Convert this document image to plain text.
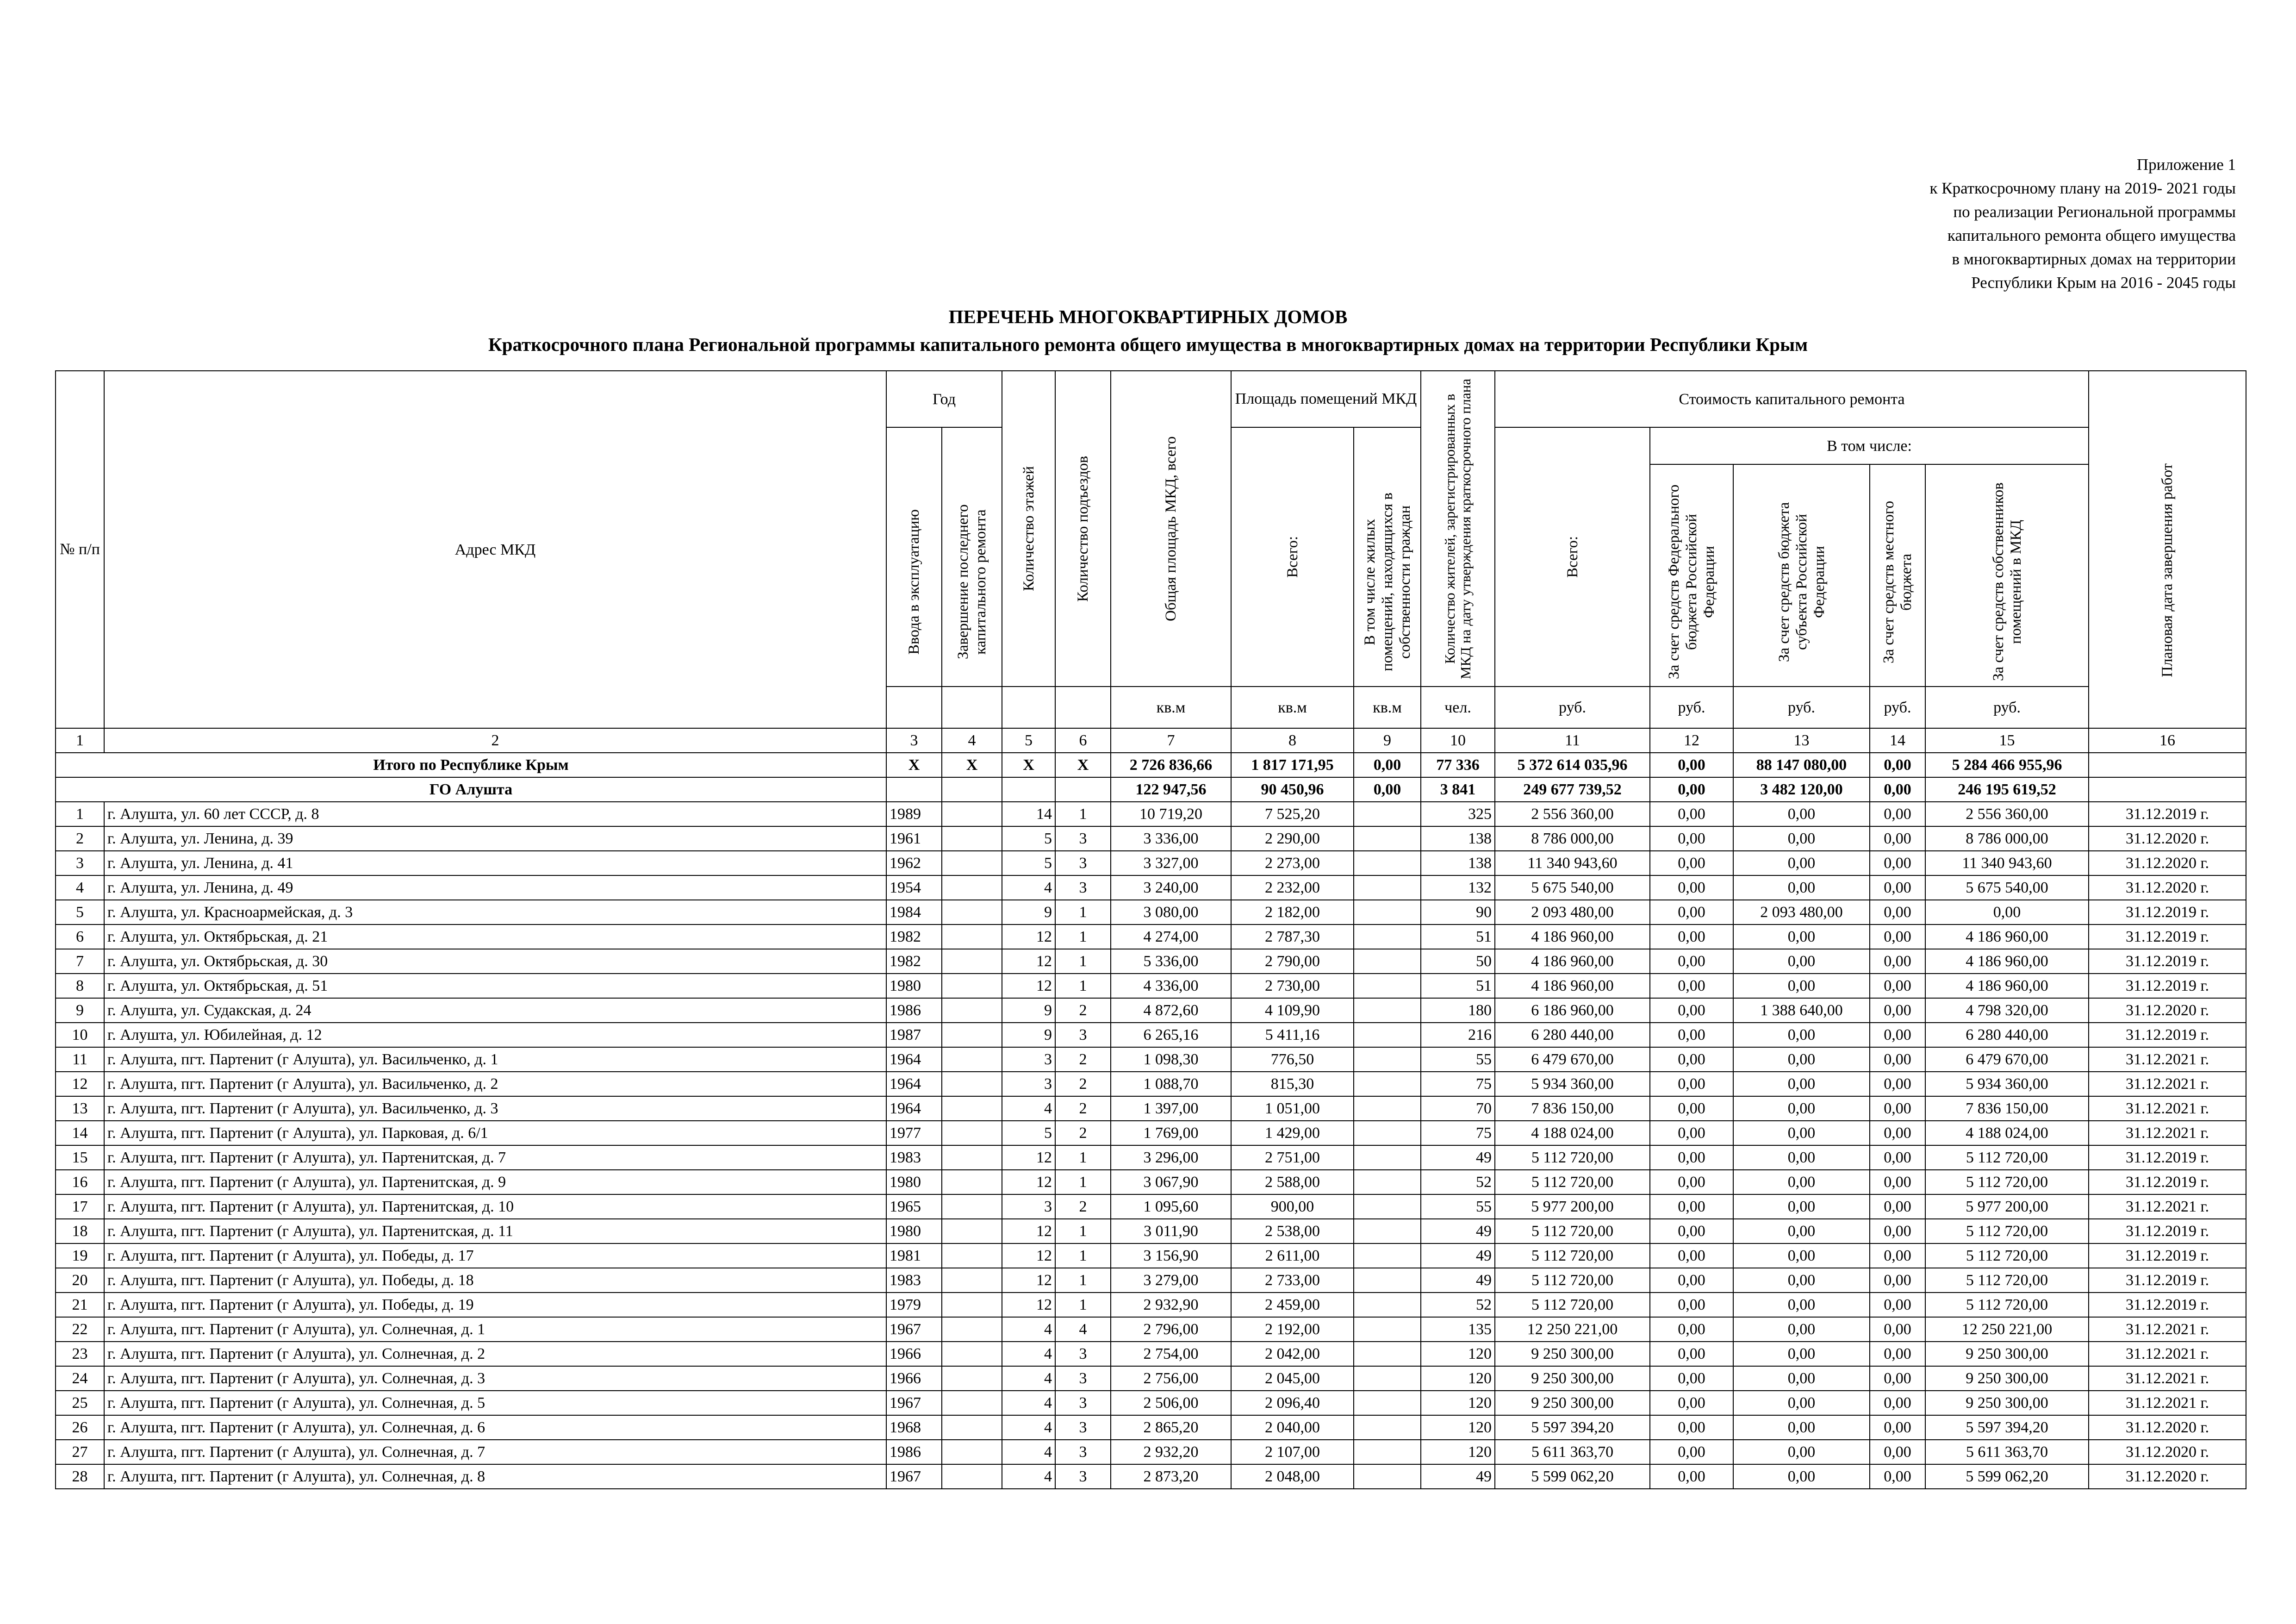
Приложение 1
к Краткосрочному плану на 2019- 2021 годы
по реализации Региональной программы
капитального ремонта общего имущества
в многоквартирных домах на территории
Республики Крым на 2016 - 2045 годы
ПЕРЕЧЕНЬ МНОГОКВАРТИРНЫХ ДОМОВ
Краткосрочного плана Региональной программы капитального ремонта общего имущества в многоквартирных домах на территории Республики Крым
№ п/п	Адрес МКД	Год		Количество этажей	Количество подъездов	Общая площадь МКД, всего	Площадь помещений МКД		Количество жителей, зарегистрированных в МКД на дату утверждения краткосрочного плана	Стоимость капитального ремонта					Плановая дата завершения работ

		Ввода в эксплуатацию	Завершение последнего капитального ремонта				Всего:	В том числе жилых помещений, находящихся в собственности граждан		Всего:	В том числе:				

											За счет средств Федерального бюджета Российской Федерации	За счет средств бюджета субъекта Российской Федерации	За счет средств местного бюджета	За счет средств собственников помещений в МКД	

						кв.м	кв.м	кв.м	чел.	руб.	руб.	руб.	руб.	руб.	
1	2	3	4	5	6	7	8	9	10	11	12	13	14	15	16
Итого по Республике Крым		X	X	X	X	2 726 836,66	1 817 171,95	0,00	77 336	5 372 614 035,96	0,00	88 147 080,00	0,00	5 284 466 955,96	
ГО Алушта						122 947,56	90 450,96	0,00	3 841	249 677 739,52	0,00	3 482 120,00	0,00	246 195 619,52	
1	г. Алушта, ул. 60 лет СССР, д. 8	1989		14	1	10 719,20	7 525,20		325	2 556 360,00	0,00	0,00	0,00	2 556 360,00	31.12.2019 г.
2	г. Алушта, ул. Ленина, д. 39	1961		5	3	3 336,00	2 290,00		138	8 786 000,00	0,00	0,00	0,00	8 786 000,00	31.12.2020 г.
3	г. Алушта, ул. Ленина, д. 41	1962		5	3	3 327,00	2 273,00		138	11 340 943,60	0,00	0,00	0,00	11 340 943,60	31.12.2020 г.
4	г. Алушта, ул. Ленина, д. 49	1954		4	3	3 240,00	2 232,00		132	5 675 540,00	0,00	0,00	0,00	5 675 540,00	31.12.2020 г.
5	г. Алушта, ул. Красноармейская, д. 3	1984		9	1	3 080,00	2 182,00		90	2 093 480,00	0,00	2 093 480,00	0,00	0,00	31.12.2019 г.
6	г. Алушта, ул. Октябрьская, д. 21	1982		12	1	4 274,00	2 787,30		51	4 186 960,00	0,00	0,00	0,00	4 186 960,00	31.12.2019 г.
7	г. Алушта, ул. Октябрьская, д. 30	1982		12	1	5 336,00	2 790,00		50	4 186 960,00	0,00	0,00	0,00	4 186 960,00	31.12.2019 г.
8	г. Алушта, ул. Октябрьская, д. 51	1980		12	1	4 336,00	2 730,00		51	4 186 960,00	0,00	0,00	0,00	4 186 960,00	31.12.2019 г.
9	г. Алушта, ул. Судакская, д. 24	1986		9	2	4 872,60	4 109,90		180	6 186 960,00	0,00	1 388 640,00	0,00	4 798 320,00	31.12.2020 г.
10	г. Алушта, ул. Юбилейная, д. 12	1987		9	3	6 265,16	5 411,16		216	6 280 440,00	0,00	0,00	0,00	6 280 440,00	31.12.2019 г.
11	г. Алушта, пгт. Партенит (г Алушта), ул. Васильченко, д. 1	1964		3	2	1 098,30	776,50		55	6 479 670,00	0,00	0,00	0,00	6 479 670,00	31.12.2021 г.
12	г. Алушта, пгт. Партенит (г Алушта), ул. Васильченко, д. 2	1964		3	2	1 088,70	815,30		75	5 934 360,00	0,00	0,00	0,00	5 934 360,00	31.12.2021 г.
13	г. Алушта, пгт. Партенит (г Алушта), ул. Васильченко, д. 3	1964		4	2	1 397,00	1 051,00		70	7 836 150,00	0,00	0,00	0,00	7 836 150,00	31.12.2021 г.
14	г. Алушта, пгт. Партенит (г Алушта), ул. Парковая, д. 6/1	1977		5	2	1 769,00	1 429,00		75	4 188 024,00	0,00	0,00	0,00	4 188 024,00	31.12.2021 г.
15	г. Алушта, пгт. Партенит (г Алушта), ул. Партенитская, д. 7	1983		12	1	3 296,00	2 751,00		49	5 112 720,00	0,00	0,00	0,00	5 112 720,00	31.12.2019 г.
16	г. Алушта, пгт. Партенит (г Алушта), ул. Партенитская, д. 9	1980		12	1	3 067,90	2 588,00		52	5 112 720,00	0,00	0,00	0,00	5 112 720,00	31.12.2019 г.
17	г. Алушта, пгт. Партенит (г Алушта), ул. Партенитская, д. 10	1965		3	2	1 095,60	900,00		55	5 977 200,00	0,00	0,00	0,00	5 977 200,00	31.12.2021 г.
18	г. Алушта, пгт. Партенит (г Алушта), ул. Партенитская, д. 11	1980		12	1	3 011,90	2 538,00		49	5 112 720,00	0,00	0,00	0,00	5 112 720,00	31.12.2019 г.
19	г. Алушта, пгт. Партенит (г Алушта), ул. Победы, д. 17	1981		12	1	3 156,90	2 611,00		49	5 112 720,00	0,00	0,00	0,00	5 112 720,00	31.12.2019 г.
20	г. Алушта, пгт. Партенит (г Алушта), ул. Победы, д. 18	1983		12	1	3 279,00	2 733,00		49	5 112 720,00	0,00	0,00	0,00	5 112 720,00	31.12.2019 г.
21	г. Алушта, пгт. Партенит (г Алушта), ул. Победы, д. 19	1979		12	1	2 932,90	2 459,00		52	5 112 720,00	0,00	0,00	0,00	5 112 720,00	31.12.2019 г.
22	г. Алушта, пгт. Партенит (г Алушта), ул. Солнечная, д. 1	1967		4	4	2 796,00	2 192,00		135	12 250 221,00	0,00	0,00	0,00	12 250 221,00	31.12.2021 г.
23	г. Алушта, пгт. Партенит (г Алушта), ул. Солнечная, д. 2	1966		4	3	2 754,00	2 042,00		120	9 250 300,00	0,00	0,00	0,00	9 250 300,00	31.12.2021 г.
24	г. Алушта, пгт. Партенит (г Алушта), ул. Солнечная, д. 3	1966		4	3	2 756,00	2 045,00		120	9 250 300,00	0,00	0,00	0,00	9 250 300,00	31.12.2021 г.
25	г. Алушта, пгт. Партенит (г Алушта), ул. Солнечная, д. 5	1967		4	3	2 506,00	2 096,40		120	9 250 300,00	0,00	0,00	0,00	9 250 300,00	31.12.2021 г.
26	г. Алушта, пгт. Партенит (г Алушта), ул. Солнечная, д. 6	1968		4	3	2 865,20	2 040,00		120	5 597 394,20	0,00	0,00	0,00	5 597 394,20	31.12.2020 г.
27	г. Алушта, пгт. Партенит (г Алушта), ул. Солнечная, д. 7	1986		4	3	2 932,20	2 107,00		120	5 611 363,70	0,00	0,00	0,00	5 611 363,70	31.12.2020 г.
28	г. Алушта, пгт. Партенит (г Алушта), ул. Солнечная, д. 8	1967		4	3	2 873,20	2 048,00		49	5 599 062,20	0,00	0,00	0,00	5 599 062,20	31.12.2020 г.
